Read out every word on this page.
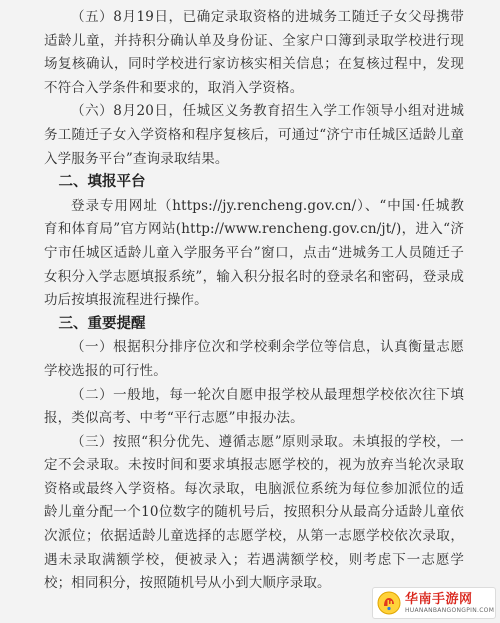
（五）8月19日，已确定录取资格的进城务工随迁子女父母携带适龄儿童，并持积分确认单及身份证、全家户口簿到录取学校进行现场复核确认，同时学校进行家访核实相关信息；在复核过程中，发现不符合入学条件和要求的，取消入学资格。

（六）8月20日，任城区义务教育招生入学工作领导小组对进城务工随迁子女入学资格和程序复核后，可通过“济宁市任城区适龄儿童入学服务平台”查询录取结果。

二、填报平台

登录专用网址（https://jy.rencheng.gov.cn/）、“中国·任城教育和体育局”官方网站(http://www.rencheng.gov.cn/jt/)，进入“济宁市任城区适龄儿童入学服务平台”窗口，点击“进城务工人员随迁子女积分入学志愿填报系统”，输入积分报名时的登录名和密码，登录成功后按填报流程进行操作。

三、重要提醒

（一）根据积分排序位次和学校剩余学位等信息，认真衡量志愿学校选报的可行性。

（二）一般地，每一轮次自愿申报学校从最理想学校依次往下填报，类似高考、中考“平行志愿”申报办法。

（三）按照“积分优先、遵循志愿”原则录取。未填报的学校，一定不会录取。未按时间和要求填报志愿学校的，视为放弃当轮次录取资格或最终入学资格。每次录取，电脑派位系统为每位参加派位的适龄儿童分配一个10位数字的随机号后，按照积分从最高分适龄儿童依次派位；依据适龄儿童选择的志愿学校，从第一志愿学校依次录取，遇未录取满额学校，便被录入；若遇满额学校，则考虑下一志愿学校；相同积分，按照随机号从小到大顺序录取。

华南手游网
HUANANBANGONGPIN.COM
